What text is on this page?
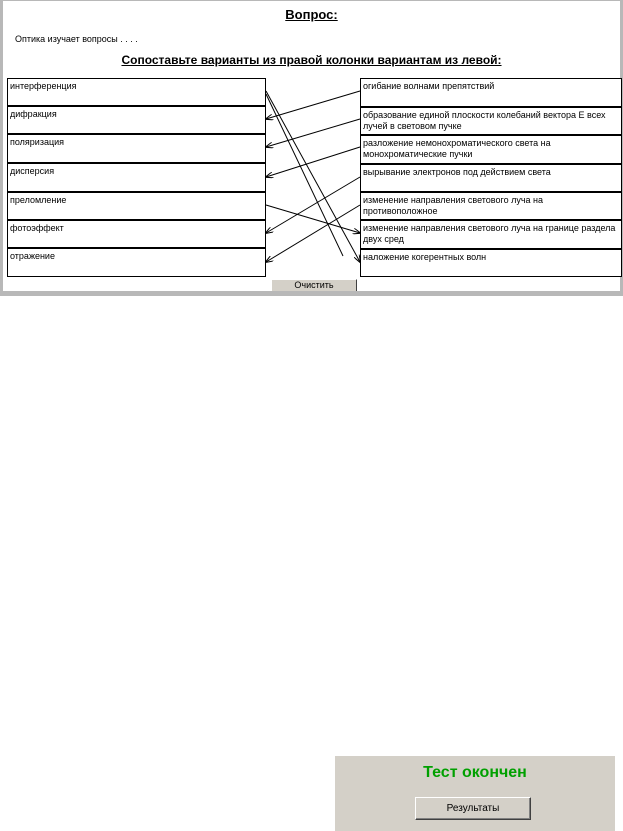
Вопрос:
Оптика изучает вопросы . . . .
Сопоставьте варианты из правой колонки вариантам из левой:
интерференция
дифракция
поляризация
дисперсия
преломление
фотоэффект
отражение
огибание волнами препятствий
образование единой плоскости колебаний вектора E всех лучей в световом пучке
разложение немонохроматического света на монохроматические пучки
вырывание электронов под действием света
изменение направления светового луча на противоположное
изменение направления светового луча на границе раздела двух сред
наложение когерентных волн
Очистить
Тест окончен
Результаты
